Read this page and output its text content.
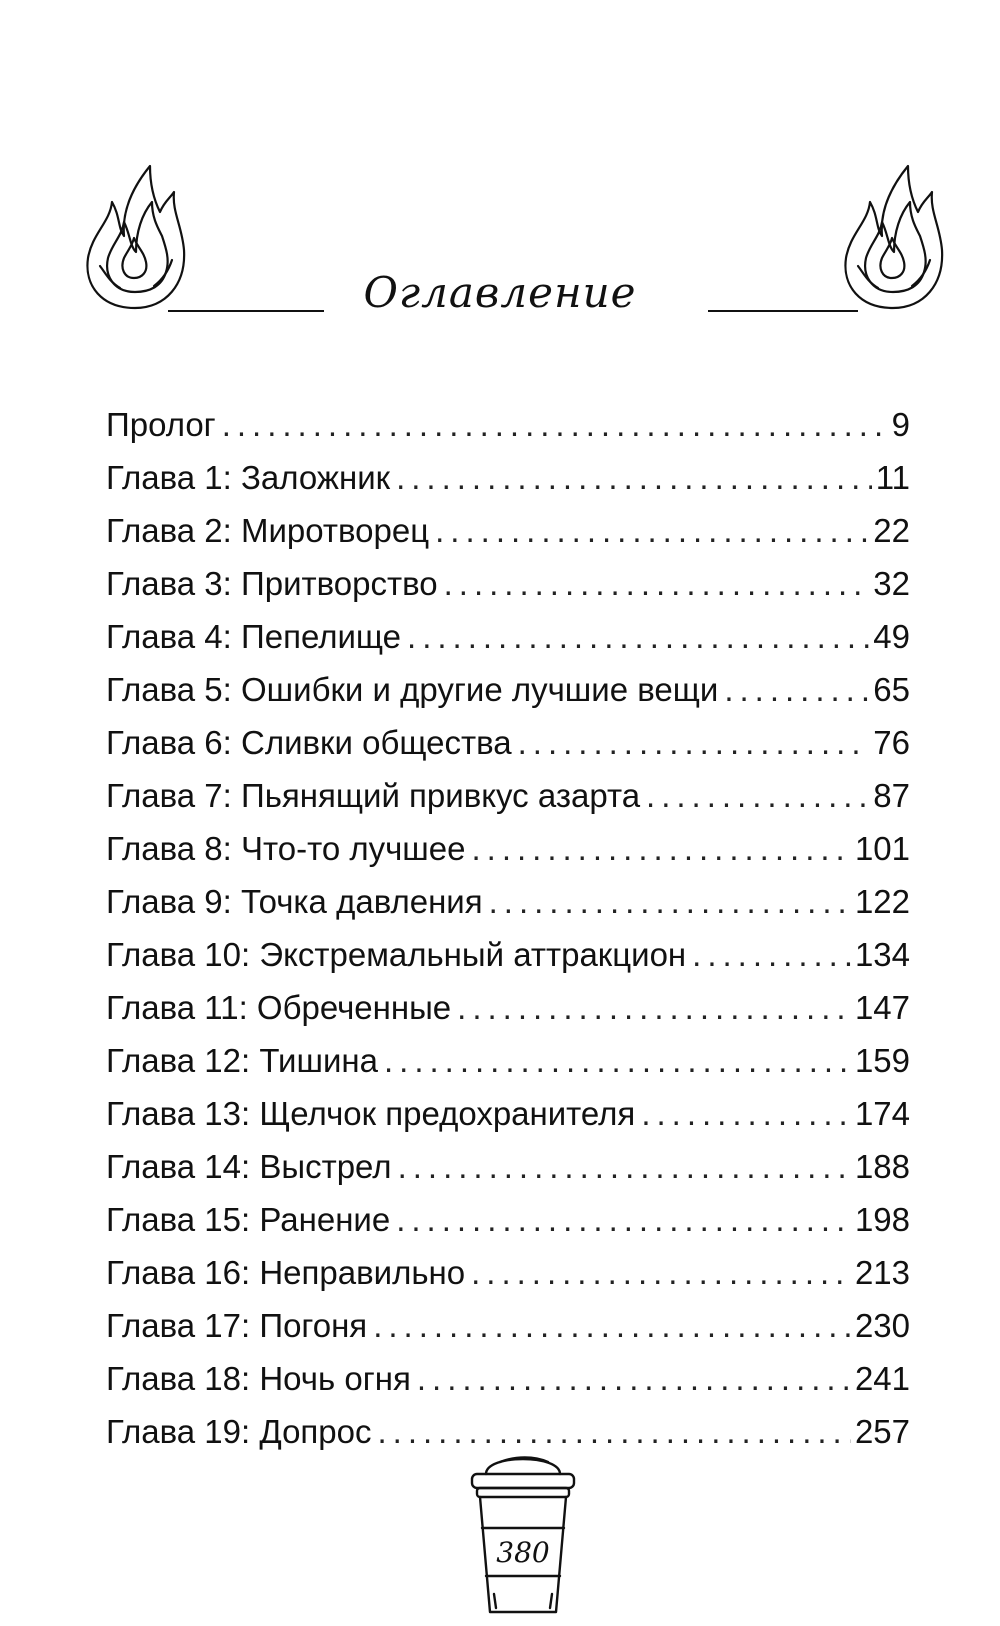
Оглавление
Пролог .....	9
Глава 1: Заложник .....	11
Глава 2: Миротворец .....	22
Глава 3: Притворство .....	32
Глава 4: Пепелище .....	49
Глава 5: Ошибки и другие лучшие вещи .....	65
Глава 6: Сливки общества .....	76
Глава 7: Пьянящий привкус азарта .....	87
Глава 8: Что-то лучшее .....	101
Глава 9: Точка давления .....	122
Глава 10: Экстремальный аттракцион .....	134
Глава 11: Обреченные .....	147
Глава 12: Тишина .....	159
Глава 13: Щелчок предохранителя .....	174
Глава 14: Выстрел .....	188
Глава 15: Ранение .....	198
Глава 16: Неправильно .....	213
Глава 17: Погоня .....	230
Глава 18: Ночь огня .....	241
Глава 19: Допрос .....	257
380
